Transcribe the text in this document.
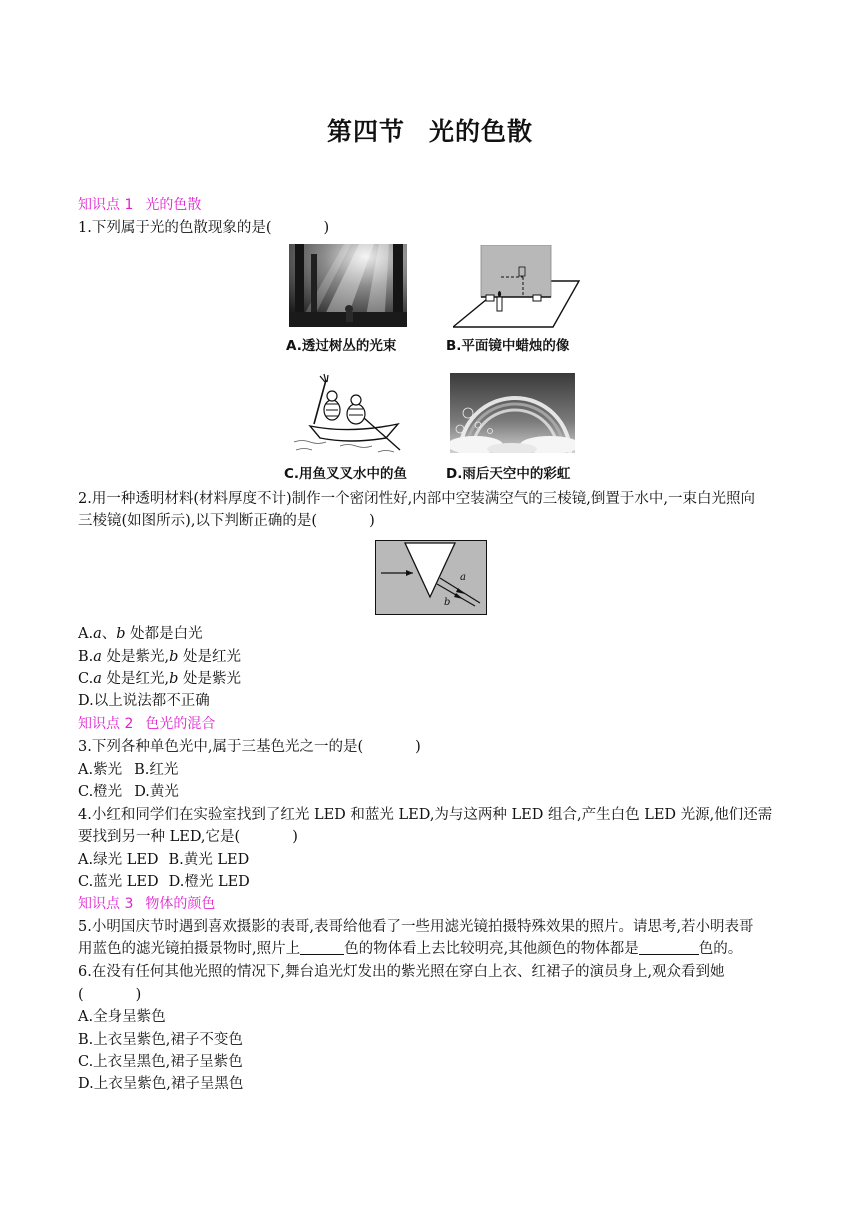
第四节 光的色散
知识点 1 光的色散
1.下列属于光的色散现象的是(	)
A.透过树丛的光束	B.平面镜中蜡烛的像
C.用鱼叉叉水中的鱼	D.雨后天空中的彩虹
2.用一种透明材料(材料厚度不计)制作一个密闭性好,内部中空装满空气的三棱镜,倒置于水中,一束白光照向
三棱镜(如图所示),以下判断正确的是(	)
a
b
A.a、b 处都是白光
B.a 处是紫光,b 处是红光
C.a 处是红光,b 处是紫光
D.以上说法都不正确
知识点 2 色光的混合
3.下列各种单色光中,属于三基色光之一的是(	)
A.紫光 B.红光
C.橙光 D.黄光
4.小红和同学们在实验室找到了红光 LED 和蓝光 LED,为与这两种 LED 组合,产生白色 LED 光源,他们还需
要找到另一种 LED,它是(	)
A.绿光 LED B.黄光 LED
C.蓝光 LED D.橙光 LED
知识点 3 物体的颜色
5.小明国庆节时遇到喜欢摄影的表哥,表哥给他看了一些用滤光镜拍摄特殊效果的照片。请思考,若小明表哥
用蓝色的滤光镜拍摄景物时,照片上	色的物体看上去比较明亮,其他颜色的物体都是	色的。
6.在没有任何其他光照的情况下,舞台追光灯发出的紫光照在穿白上衣、红裙子的演员身上,观众看到她
(	)
A.全身呈紫色
B.上衣呈紫色,裙子不变色
C.上衣呈黑色,裙子呈紫色
D.上衣呈紫色,裙子呈黑色
